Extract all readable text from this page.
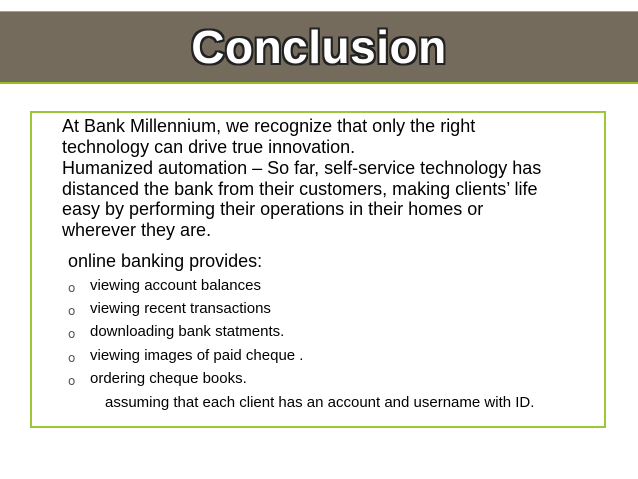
Conclusion
At Bank Millennium, we recognize that only the right
technology can drive true innovation.
Humanized automation – So far, self-service technology has
distanced the bank from their customers, making clients’ life
easy by performing their operations in their homes or
wherever they are.
online banking provides:
o viewing account balances
o viewing recent transactions
o downloading bank statments.
o viewing images of paid cheque .
o ordering cheque books.
assuming that each client has an account and username with ID.
